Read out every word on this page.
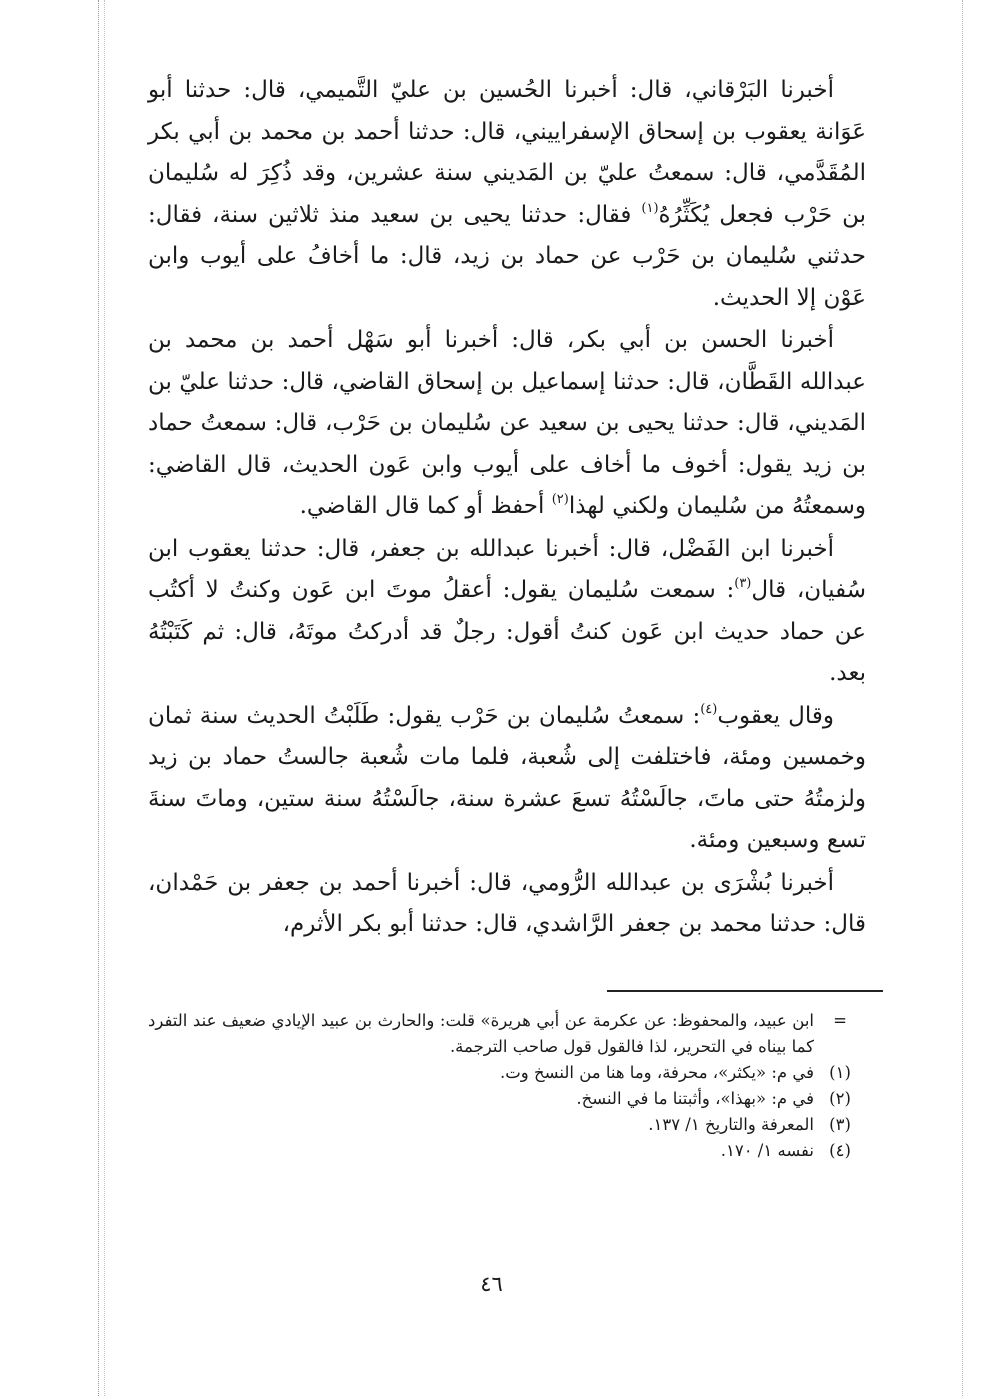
أخبرنا البَرْقاني، قال: أخبرنا الحُسين بن عليّ التَّميمي، قال: حدثنا أبو عَوَانة يعقوب بن إسحاق الإسفراييني، قال: حدثنا أحمد بن محمد بن أبي بكر المُقَدَّمي، قال: سمعتُ عليّ بن المَديني سنة عشرين، وقد ذُكِرَ له سُليمان بن حَرْب فجعل يُكَثِّرُهُ$^{(١)}$ فقال: حدثنا يحيى بن سعيد منذ ثلاثين سنة، فقال: حدثني سُليمان بن حَرْب عن حماد بن زيد، قال: ما أخافُ على أيوب وابن عَوْن إلا الحديث.

أخبرنا الحسن بن أبي بكر، قال: أخبرنا أبو سَهْل أحمد بن محمد بن عبدالله القَطَّان، قال: حدثنا إسماعيل بن إسحاق القاضي، قال: حدثنا عليّ بن المَديني، قال: حدثنا يحيى بن سعيد عن سُليمان بن حَرْب، قال: سمعتُ حماد بن زيد يقول: أخوف ما أخاف على أيوب وابن عَون الحديث، قال القاضي: وسمعتُهُ من سُليمان ولكني لهذا$^{(٢)}$ أحفظ أو كما قال القاضي.

أخبرنا ابن الفَضْل، قال: أخبرنا عبدالله بن جعفر، قال: حدثنا يعقوب ابن سُفيان، قال$^{(٣)}$: سمعت سُليمان يقول: أعقلُ موتَ ابن عَون وكنتُ لا أكتُب عن حماد حديث ابن عَون كنتُ أقول: رجلٌ قد أدركتُ موتَهُ، قال: ثم كَتَبْتُهُ بعد.

وقال يعقوب$^{(٤)}$: سمعتُ سُليمان بن حَرْب يقول: طَلَبْتُ الحديث سنة ثمان وخمسين ومئة، فاختلفت إلى شُعبة، فلما مات شُعبة جالستُ حماد بن زيد ولزمتُهُ حتى ماتَ، جالَسْتُهُ تسعَ عشرة سنة، جالَسْتُهُ سنة ستين، وماتَ سنةَ تسع وسبعين ومئة.

أخبرنا بُشْرَى بن عبدالله الرُّومي، قال: أخبرنا أحمد بن جعفر بن حَمْدان، قال: حدثنا محمد بن جعفر الرَّاشدي، قال: حدثنا أبو بكر الأثرم،

=
ابن عبيد، والمحفوظ: عن عكرمة عن أبي هريرة» قلت: والحارث بن عبيد الإيادي ضعيف عند التفرد كما بيناه في التحرير، لذا فالقول قول صاحب الترجمة.
(١)
في م: «يكثر»، محرفة، وما هنا من النسخ وت.
(٢)
في م: «بهذا»، وأثبتنا ما في النسخ.
(٣)
المعرفة والتاريخ ١/ ١٣٧.
(٤)
نفسه ١/ ١٧٠.
٤٦
